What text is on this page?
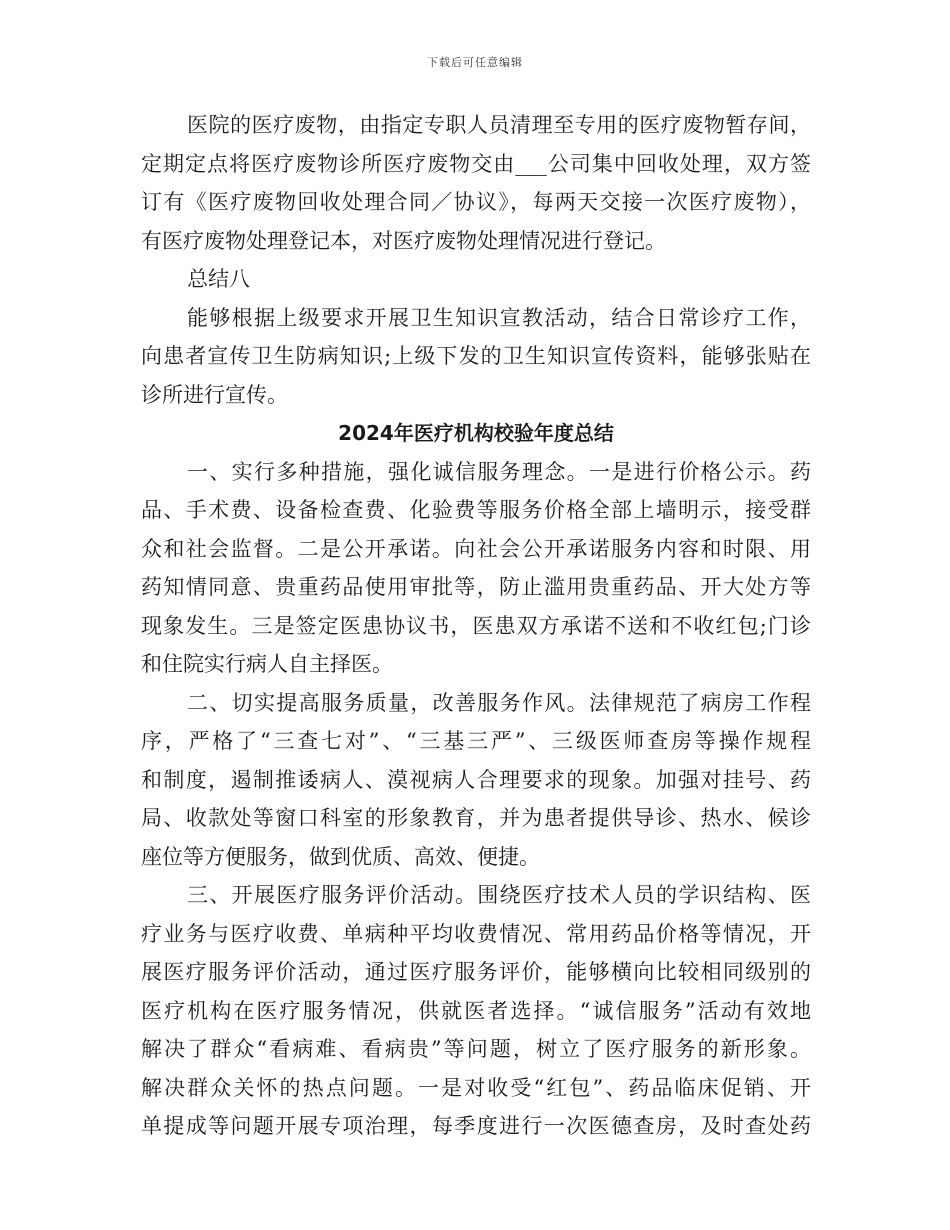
下载后可任意编辑
医院的医疗废物，由指定专职人员清理至专用的医疗废物暂存间，
定期定点将医疗废物诊所医疗废物交由___公司集中回收处理，双方签
订有《医疗废物回收处理合同／协议》，每两天交接一次医疗废物），
有医疗废物处理登记本，对医疗废物处理情况进行登记。
总结八
能够根据上级要求开展卫生知识宣教活动，结合日常诊疗工作，
向患者宣传卫生防病知识;上级下发的卫生知识宣传资料，能够张贴在
诊所进行宣传。
2024年医疗机构校验年度总结
一、实行多种措施，强化诚信服务理念。一是进行价格公示。药
品、手术费、设备检查费、化验费等服务价格全部上墙明示，接受群
众和社会监督。二是公开承诺。向社会公开承诺服务内容和时限、用
药知情同意、贵重药品使用审批等，防止滥用贵重药品、开大处方等
现象发生。三是签定医患协议书，医患双方承诺不送和不收红包;门诊
和住院实行病人自主择医。
二、切实提高服务质量，改善服务作风。法律规范了病房工作程
序，严格了“三查七对”、“三基三严”、三级医师查房等操作规程
和制度，遏制推诿病人、漠视病人合理要求的现象。加强对挂号、药
局、收款处等窗口科室的形象教育，并为患者提供导诊、热水、候诊
座位等方便服务，做到优质、高效、便捷。
三、开展医疗服务评价活动。围绕医疗技术人员的学识结构、医
疗业务与医疗收费、单病种平均收费情况、常用药品价格等情况，开
展医疗服务评价活动，通过医疗服务评价，能够横向比较相同级别的
医疗机构在医疗服务情况，供就医者选择。“诚信服务”活动有效地
解决了群众“看病难、看病贵”等问题，树立了医疗服务的新形象。
解决群众关怀的热点问题。一是对收受“红包”、药品临床促销、开
单提成等问题开展专项治理，每季度进行一次医德查房，及时查处药
